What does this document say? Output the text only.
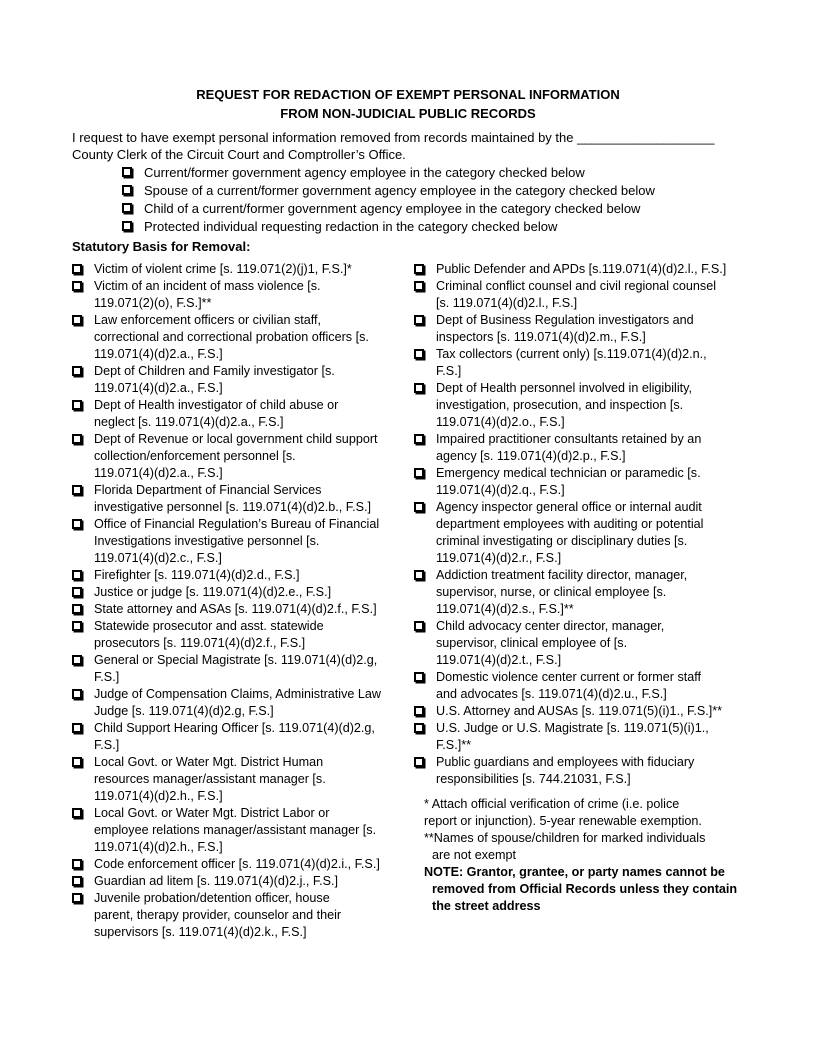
REQUEST FOR REDACTION OF EXEMPT PERSONAL INFORMATION
FROM NON-JUDICIAL PUBLIC RECORDS
I request to have exempt personal information removed from records maintained by the ___________________
County Clerk of the Circuit Court and Comptroller’s Office.
Current/former government agency employee in the category checked below
Spouse of a current/former government agency employee in the category checked below
Child of a current/former government agency employee in the category checked below
Protected individual requesting redaction in the category checked below
Statutory Basis for Removal:
Victim of violent crime [s. 119.071(2)(j)1, F.S.]*
Victim of an incident of mass violence [s.
119.071(2)(o), F.S.]**
Law enforcement officers or civilian staff,
correctional and correctional probation officers [s.
119.071(4)(d)2.a., F.S.]
Dept of Children and Family investigator [s.
119.071(4)(d)2.a., F.S.]
Dept of Health investigator of child abuse or
neglect [s. 119.071(4)(d)2.a., F.S.]
Dept of Revenue or local government child support
collection/enforcement personnel [s.
119.071(4)(d)2.a., F.S.]
Florida Department of Financial Services
investigative personnel [s. 119.071(4)(d)2.b., F.S.]
Office of Financial Regulation’s Bureau of Financial
Investigations investigative personnel [s.
119.071(4)(d)2.c., F.S.]
Firefighter [s. 119.071(4)(d)2.d., F.S.]
Justice or judge [s. 119.071(4)(d)2.e., F.S.]
State attorney and ASAs [s. 119.071(4)(d)2.f., F.S.]
Statewide prosecutor and asst. statewide
prosecutors [s. 119.071(4)(d)2.f., F.S.]
General or Special Magistrate [s. 119.071(4)(d)2.g,
F.S.]
Judge of Compensation Claims, Administrative Law
Judge [s. 119.071(4)(d)2.g, F.S.]
Child Support Hearing Officer [s. 119.071(4)(d)2.g,
F.S.]
Local Govt. or Water Mgt. District Human
resources manager/assistant manager [s.
119.071(4)(d)2.h., F.S.]
Local Govt. or Water Mgt. District Labor or
employee relations manager/assistant manager [s.
119.071(4)(d)2.h., F.S.]
Code enforcement officer [s. 119.071(4)(d)2.i., F.S.]
Guardian ad litem [s. 119.071(4)(d)2.j., F.S.]
Juvenile probation/detention officer, house
parent, therapy provider, counselor and their
supervisors [s. 119.071(4)(d)2.k., F.S.]
Public Defender and APDs [s.119.071(4)(d)2.l., F.S.]
Criminal conflict counsel and civil regional counsel
[s. 119.071(4)(d)2.l., F.S.]
Dept of Business Regulation investigators and
inspectors [s. 119.071(4)(d)2.m., F.S.]
Tax collectors (current only) [s.119.071(4)(d)2.n.,
F.S.]
Dept of Health personnel involved in eligibility,
investigation, prosecution, and inspection [s.
119.071(4)(d)2.o., F.S.]
Impaired practitioner consultants retained by an
agency [s. 119.071(4)(d)2.p., F.S.]
Emergency medical technician or paramedic [s.
119.071(4)(d)2.q., F.S.]
Agency inspector general office or internal audit
department employees with auditing or potential
criminal investigating or disciplinary duties [s.
119.071(4)(d)2.r., F.S.]
Addiction treatment facility director, manager,
supervisor, nurse, or clinical employee [s.
119.071(4)(d)2.s., F.S.]**
Child advocacy center director, manager,
supervisor, clinical employee of [s.
119.071(4)(d)2.t., F.S.]
Domestic violence center current or former staff
and advocates [s. 119.071(4)(d)2.u., F.S.]
U.S. Attorney and AUSAs [s. 119.071(5)(i)1., F.S.]**
U.S. Judge or U.S. Magistrate [s. 119.071(5)(i)1.,
F.S.]**
Public guardians and employees with fiduciary
responsibilities [s. 744.21031, F.S.]

* Attach official verification of crime (i.e. police

report or injunction). 5-year renewable exemption.

**Names of spouse/children for marked individuals

are not exempt

NOTE: Grantor, grantee, or party names cannot be

removed from Official Records unless they contain

the street address
